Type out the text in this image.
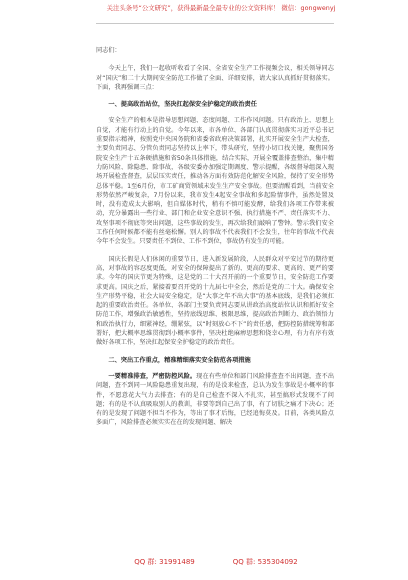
关注头条号“公文研究”，获得最新最全最专业的公文资料库！ 微信：gongwenyj

同志们：

今天上午，我们一起收听收看了全国、全省安全生产工作视频会议，相关领导同志对“国庆”和二十大期间安全防范工作做了全面、详细安排，请大家认真抓好贯彻落实。下面，我再强调三点：

一、提高政治站位，坚决扛起保安全护稳定的政治责任

安全生产的根本是指导思想问题、态度问题、工作作风问题。只有政治上、思想上自觉，才能有行动上的自觉。今年以来，市各单位、各部门认真贯彻落实习近平总书记重要指示精神，按照党中央国务院和省委省政府决策部署，扎实开展安全生产大检查，主要负责同志、分管负责同志坚持以上率下，带头研究，坚持小切口找关键，聚焦国务院安全生产十五条硬措施和省50条具体措施，结合实际，开展全覆盖排查整治，集中精力防风险、除隐患、除事故，各级安委办加强定期调度、警示提醒，各级督导组深入现场开展检查督查，层层压实责任，推动各方面有效防范化解安全风险，保持了安全形势总体平稳。1至6月份，市工矿商贸领域未发生生产安全事故。但要清醒看到，当前安全形势依然严峻复杂，7月份以来，我市发生4起安全事故和多起险情事件，虽然处置及时，没有造成太大影响，但自媒体时代，稍有不慎可能发酵，给我们各项工作带来被动，充分暴露出一些行业、部门和企业安全意识不强、执行措施不严、责任落实不力、攻坚事项不彻底等突出问题，这些事故的发生，再次给我们敲响了警钟。警示我们安全工作任何时候都不能有丝毫松懈。别人的事故不代表我们不会发生，往年的事故不代表今年不会发生。只要责任不到位、工作不到位，事故仍有发生的可能。

国庆长假是人们休闲的重要节日，进入新发展阶段，人民群众对平安过节的期待更高，对事故的容忍度更低，对安全的保障提出了新的、更高的要求、更高的、更严的要求。今年的国庆节更为特殊，这是党的二十大召开前的一个重要节日，安全防范工作要求更高。国庆之后，紧接着要召开党的十九届七中全会，然后是党的二十大。确保安全生产形势平稳，社会大局安全稳定，是“大事之年不出大事”的基本底线，是我们必须扛起的重要政治责任。各单位、各部门主要负责同志要从讲政治高度站位认识和抓好安全防范工作，增强政治敏感性，坚持底线思维、极限思维，提高政治判断力、政治领悟力和政治执行力，细紧神经，绷紧弦，以“时刻放心不下”的责任感，把防控防措统筹和部署好，把大概率思维贯彻到小概率事件，坚决杜绝麻痹思想和侥幸心理，有力有序有效做好各项工作，坚决扛起保安全护稳定的政治责任。

二、突出工作重点，精准精细落实安全防范各项措施

一要精准排查，严密防控风险。现在有些单位和部门风险排查查不出问题，查不出问题，查不到同一风险隐患重复出现，有的是没来检查，总认为发生事故是小概率的事件，不愿意花大气力去排查；有的是自己检查不深入不扎实，甚至搞形式发现不了问题；有的是不认真吸取别人的教训，非要等到自己出了事，有了切肤之痛才下决心；还有的是发现了问题不担当不作为，等出了事才后悔，已经追悔莫及。目前，各类风险点多面广，风险排查必须实实在在的发现问题、解决

QQ 群: 31991489	QQ 群: 535304092
